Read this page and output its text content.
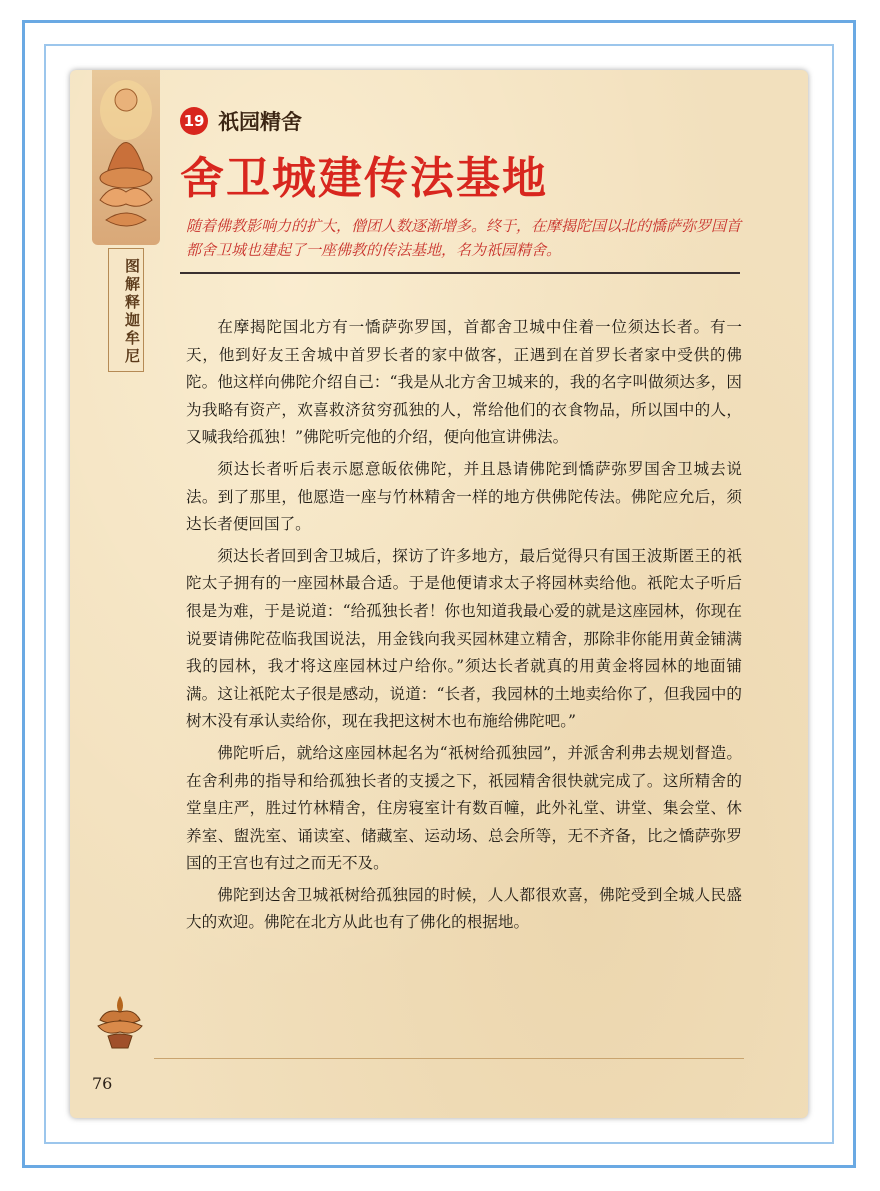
图解释迦牟尼
19 祇园精舍
舍卫城建传法基地
随着佛教影响力的扩大，僧团人数逐渐增多。终于，在摩揭陀国以北的憍萨弥罗国首都舍卫城也建起了一座佛教的传法基地，名为祇园精舍。

在摩揭陀国北方有一憍萨弥罗国，首都舍卫城中住着一位须达长者。有一天，他到好友王舍城中首罗长者的家中做客，正遇到在首罗长者家中受供的佛陀。他这样向佛陀介绍自己：“我是从北方舍卫城来的，我的名字叫做须达多，因为我略有资产，欢喜救济贫穷孤独的人，常给他们的衣食物品，所以国中的人，又喊我给孤独！”佛陀听完他的介绍，便向他宣讲佛法。

须达长者听后表示愿意皈依佛陀，并且恳请佛陀到憍萨弥罗国舍卫城去说法。到了那里，他愿造一座与竹林精舍一样的地方供佛陀传法。佛陀应允后，须达长者便回国了。

须达长者回到舍卫城后，探访了许多地方，最后觉得只有国王波斯匿王的祇陀太子拥有的一座园林最合适。于是他便请求太子将园林卖给他。祇陀太子听后很是为难，于是说道：“给孤独长者！你也知道我最心爱的就是这座园林，你现在说要请佛陀莅临我国说法，用金钱向我买园林建立精舍，那除非你能用黄金铺满我的园林，我才将这座园林过户给你。”须达长者就真的用黄金将园林的地面铺满。这让祇陀太子很是感动，说道：“长者，我园林的土地卖给你了，但我园中的树木没有承认卖给你，现在我把这树木也布施给佛陀吧。”

佛陀听后，就给这座园林起名为“祇树给孤独园”，并派舍利弗去规划督造。在舍利弗的指导和给孤独长者的支援之下，祇园精舍很快就完成了。这所精舍的堂皇庄严，胜过竹林精舍，住房寝室计有数百幢，此外礼堂、讲堂、集会堂、休养室、盥洗室、诵读室、储藏室、运动场、总会所等，无不齐备，比之憍萨弥罗国的王宫也有过之而无不及。

佛陀到达舍卫城祇树给孤独园的时候，人人都很欢喜，佛陀受到全城人民盛大的欢迎。佛陀在北方从此也有了佛化的根据地。

76
